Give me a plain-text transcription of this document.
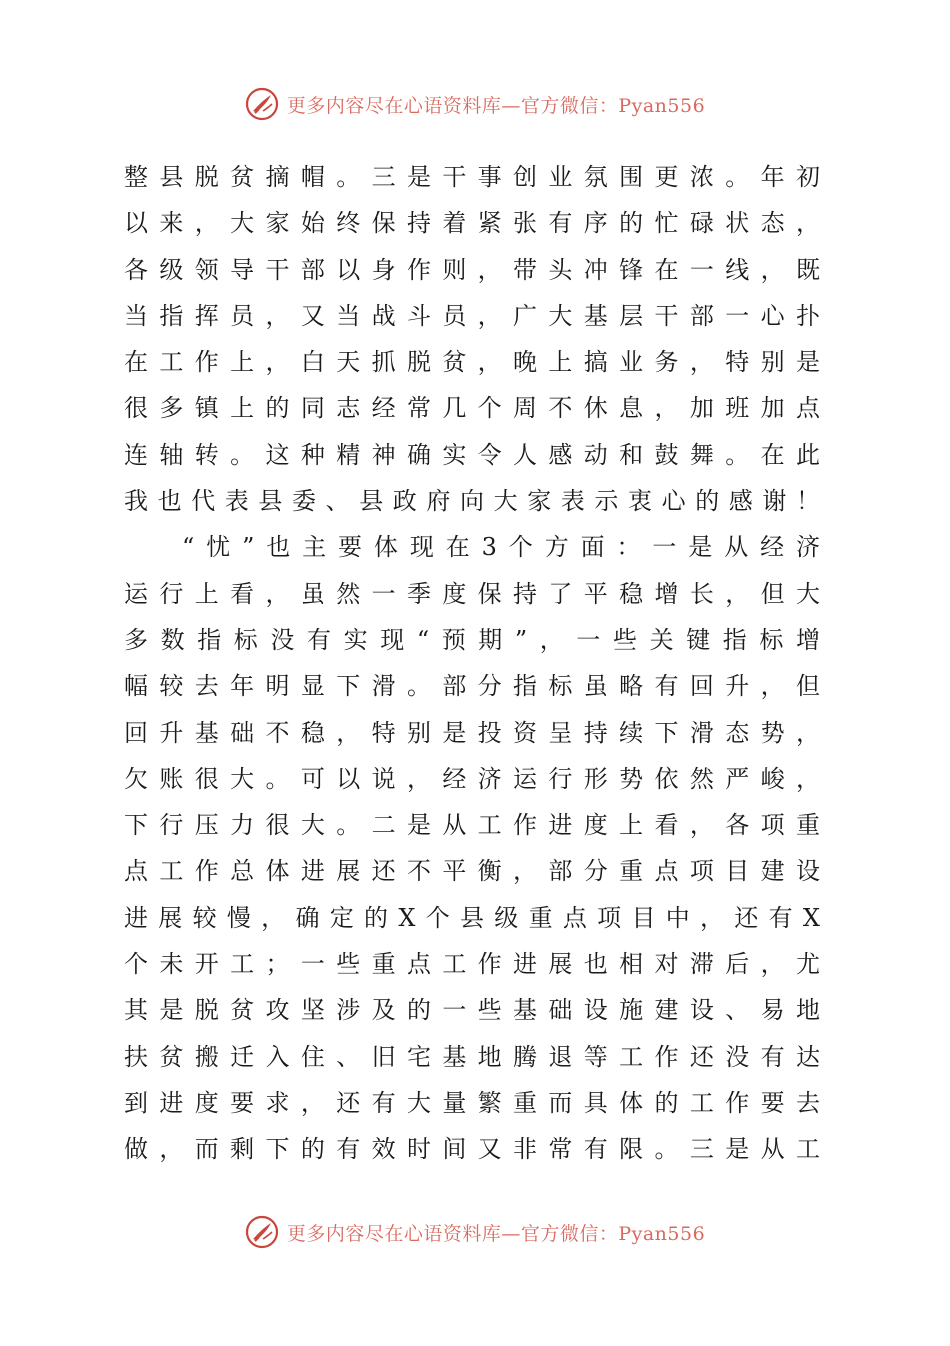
更多内容尽在心语资料库—官方微信：Pyan556
整县脱贫摘帽。三是干事创业氛围更浓。年初
以来，大家始终保持着紧张有序的忙碌状态，
各级领导干部以身作则，带头冲锋在一线，既
当指挥员，又当战斗员，广大基层干部一心扑
在工作上，白天抓脱贫，晚上搞业务，特别是
很多镇上的同志经常几个周不休息，加班加点
连轴转。这种精神确实令人感动和鼓舞。在此
我也代表县委、县政府向大家表示衷心的感谢！
“忧”也主要体现在3个方面：一是从经济
运行上看，虽然一季度保持了平稳增长，但大
多数指标没有实现“预期”，一些关键指标增
幅较去年明显下滑。部分指标虽略有回升，但
回升基础不稳，特别是投资呈持续下滑态势，
欠账很大。可以说，经济运行形势依然严峻，
下行压力很大。二是从工作进度上看，各项重
点工作总体进展还不平衡，部分重点项目建设
进展较慢，确定的X个县级重点项目中，还有X
个未开工；一些重点工作进展也相对滞后，尤
其是脱贫攻坚涉及的一些基础设施建设、易地
扶贫搬迁入住、旧宅基地腾退等工作还没有达
到进度要求，还有大量繁重而具体的工作要去
做，而剩下的有效时间又非常有限。三是从工
更多内容尽在心语资料库—官方微信：Pyan556
